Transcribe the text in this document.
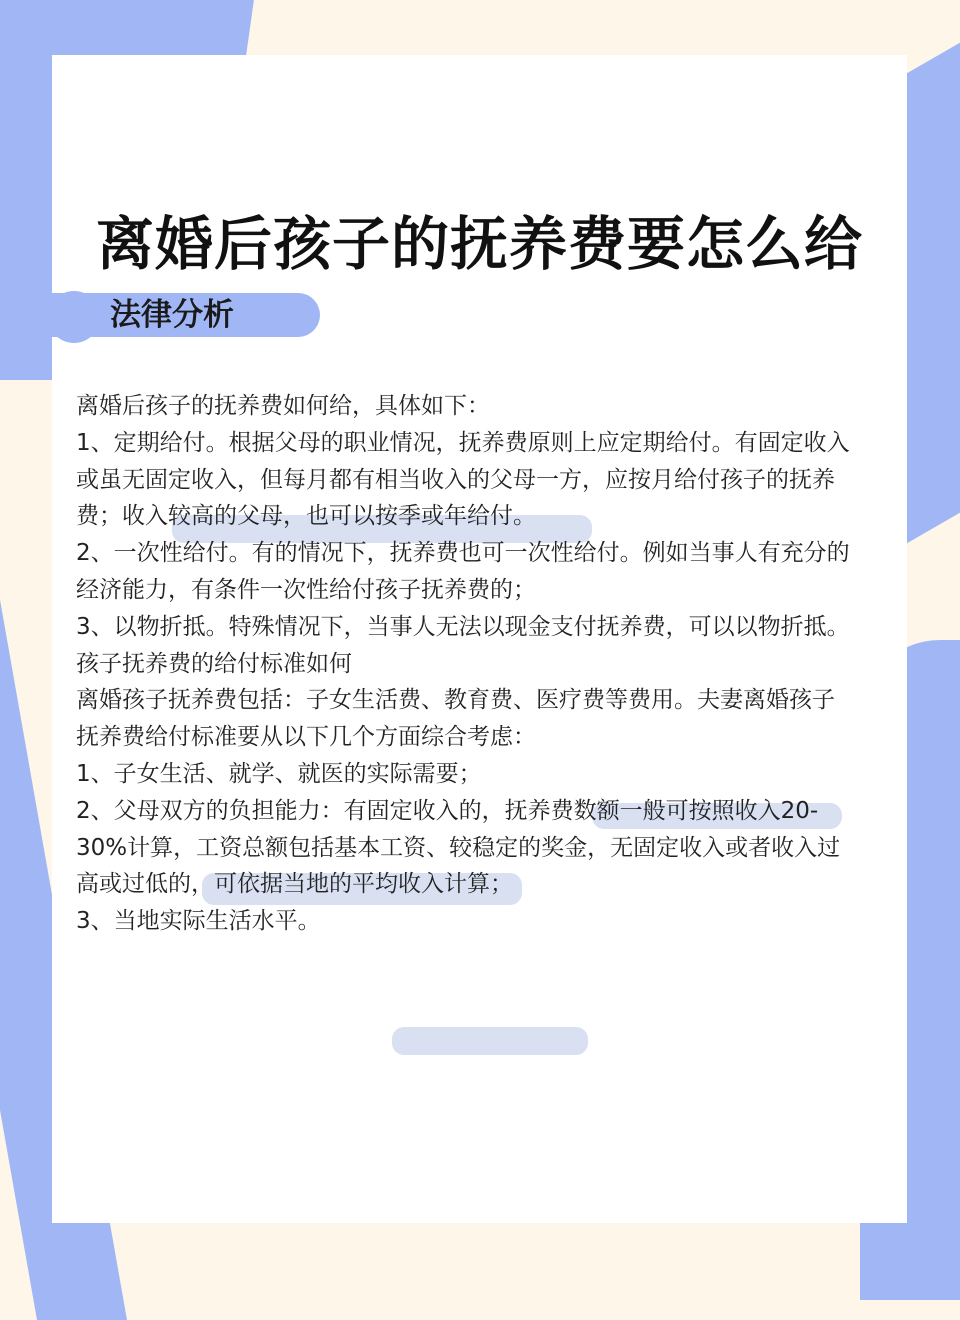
离婚后孩子的抚养费要怎么给
法律分析

离婚后孩子的抚养费如何给，具体如下：

1、定期给付。根据父母的职业情况，抚养费原则上应定期给付。有固定收入或虽无固定收入，但每月都有相当收入的父母一方，应按月给付孩子的抚养费；收入较高的父母，也可以按季或年给付。

2、一次性给付。有的情况下，抚养费也可一次性给付。例如当事人有充分的经济能力，有条件一次性给付孩子抚养费的；

3、以物折抵。特殊情况下，当事人无法以现金支付抚养费，可以以物折抵。

孩子抚养费的给付标准如何

离婚孩子抚养费包括：子女生活费、教育费、医疗费等费用。夫妻离婚孩子抚养费给付标准要从以下几个方面综合考虑：

1、子女生活、就学、就医的实际需要；

2、父母双方的负担能力：有固定收入的，抚养费数额一般可按照收入20-30%计算，工资总额包括基本工资、较稳定的奖金，无固定收入或者收入过高或过低的，可依据当地的平均收入计算；

3、当地实际生活水平。
